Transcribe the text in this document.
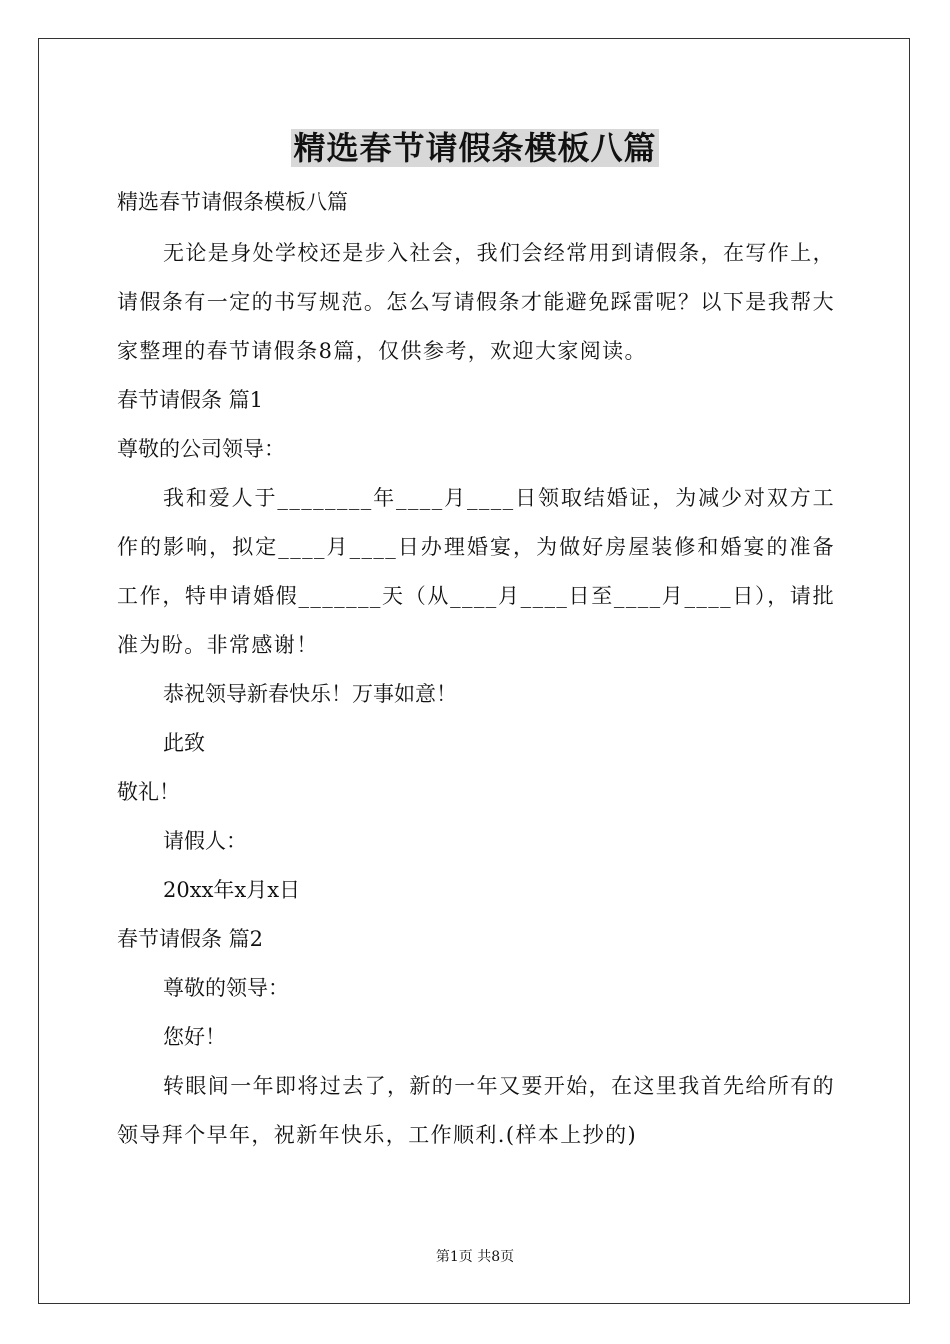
精选春节请假条模板八篇
精选春节请假条模板八篇

无论是身处学校还是步入社会，我们会经常用到请假条，在写作上，请假条有一定的书写规范。怎么写请假条才能避免踩雷呢？以下是我帮大家整理的春节请假条8篇，仅供参考，欢迎大家阅读。

春节请假条 篇1
尊敬的公司领导：

我和爱人于________年____月____日领取结婚证，为减少对双方工作的影响，拟定____月____日办理婚宴，为做好房屋装修和婚宴的准备工作，特申请婚假_______天（从____月____日至____月____日），请批准为盼。非常感谢！

恭祝领导新春快乐！万事如意！
此致
敬礼！
请假人：
20xx年x月x日
春节请假条 篇2
尊敬的领导：
您好！

转眼间一年即将过去了，新的一年又要开始，在这里我首先给所有的领导拜个早年，祝新年快乐，工作顺利.(样本上抄的)

第1页 共8页
